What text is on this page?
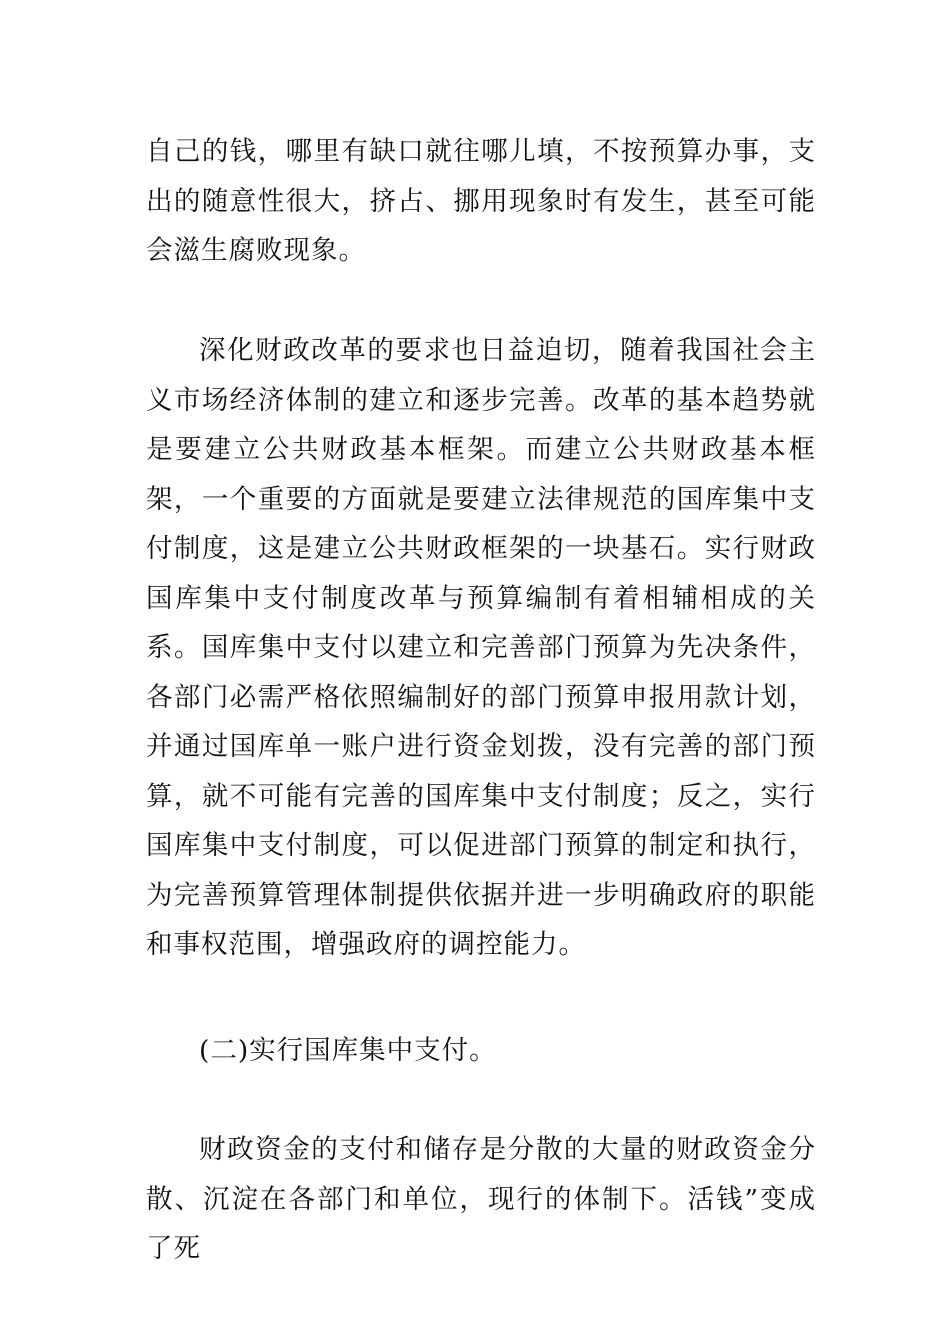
自己的钱，哪里有缺口就往哪儿填，不按预算办事，支出的随意性很大，挤占、挪用现象时有发生，甚至可能会滋生腐败现象。

深化财政改革的要求也日益迫切，随着我国社会主义市场经济体制的建立和逐步完善。改革的基本趋势就是要建立公共财政基本框架。而建立公共财政基本框架，一个重要的方面就是要建立法律规范的国库集中支付制度，这是建立公共财政框架的一块基石。实行财政国库集中支付制度改革与预算编制有着相辅相成的关系。国库集中支付以建立和完善部门预算为先决条件，各部门必需严格依照编制好的部门预算申报用款计划，并通过国库单一账户进行资金划拨，没有完善的部门预算，就不可能有完善的国库集中支付制度；反之，实行国库集中支付制度，可以促进部门预算的制定和执行，为完善预算管理体制提供依据并进一步明确政府的职能和事权范围，增强政府的调控能力。

(二)实行国库集中支付。

财政资金的支付和储存是分散的大量的财政资金分散、沉淀在各部门和单位，现行的体制下。活钱”变成了死
